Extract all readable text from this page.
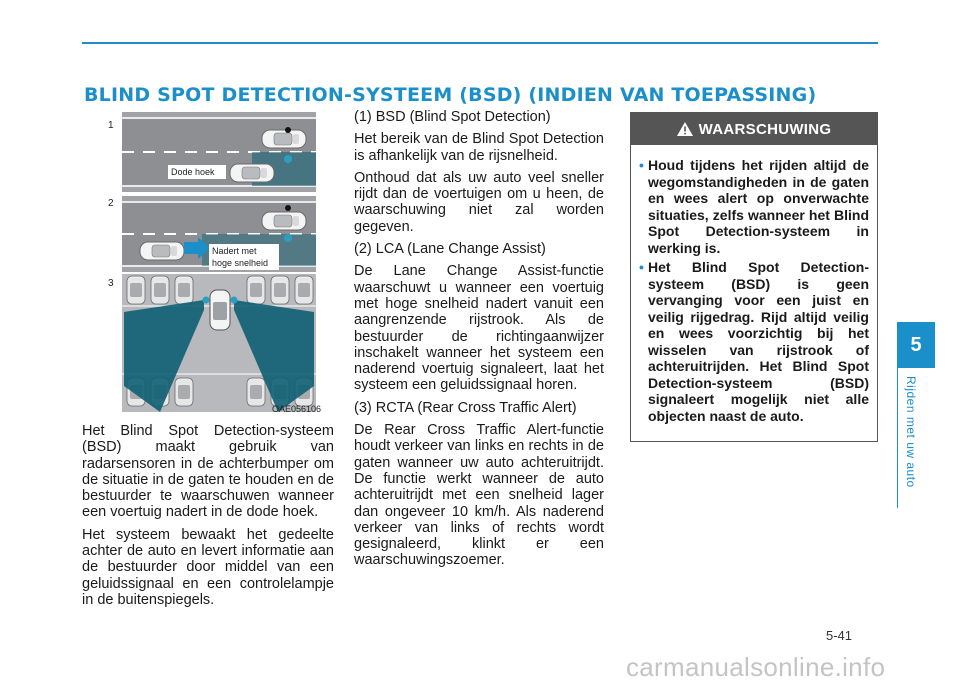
BLIND SPOT DETECTION-SYSTEEM (BSD) (INDIEN VAN TOEPASSING)
1
2
3
Dode hoek
Nadert met
hoge snelheid
OAE056106

Het Blind Spot Detection-systeem (BSD) maakt gebruik van radarsensoren in de achterbumper om de situatie in de gaten te houden en de bestuurder te waarschuwen wanneer een voertuig nadert in de dode hoek.

Het systeem bewaakt het gedeelte achter de auto en levert informatie aan de bestuurder door middel van een geluidssignaal en een controlelampje in de buitenspiegels.

(1) BSD (Blind Spot Detection)

Het bereik van de Blind Spot Detection is afhankelijk van de rijsnelheid.

Onthoud dat als uw auto veel sneller rijdt dan de voertuigen om u heen, de waarschuwing niet zal worden gegeven.

(2) LCA (Lane Change Assist)

De Lane Change Assist-functie waarschuwt u wanneer een voertuig met hoge snelheid nadert vanuit een aangrenzende rijstrook. Als de bestuurder de richtingaanwijzer inschakelt wanneer het systeem een naderend voertuig signaleert, laat het systeem een geluidssignaal horen.

(3) RCTA (Rear Cross Traffic Alert)

De Rear Cross Traffic Alert-functie houdt verkeer van links en rechts in de gaten wanneer uw auto achteruitrijdt. De functie werkt wanneer de auto achteruitrijdt met een snelheid lager dan ongeveer 10 km/h. Als naderend verkeer van links of rechts wordt gesignaleerd, klinkt er een waarschuwingszoemer.

WAARSCHUWING
• Houd tijdens het rijden altijd de wegomstandigheden in de gaten en wees alert op onverwachte situaties, zelfs wanneer het Blind Spot Detection-systeem in werking is.
• Het Blind Spot Detection-systeem (BSD) is geen vervanging voor een juist en veilig rijgedrag. Rijd altijd veilig en wees voorzichtig bij het wisselen van rijstrook of achteruitrijden. Het Blind Spot Detection-systeem (BSD) signaleert mogelijk niet alle objecten naast de auto.
5
Rijden met uw auto
5-41
carmanualsonline.info
